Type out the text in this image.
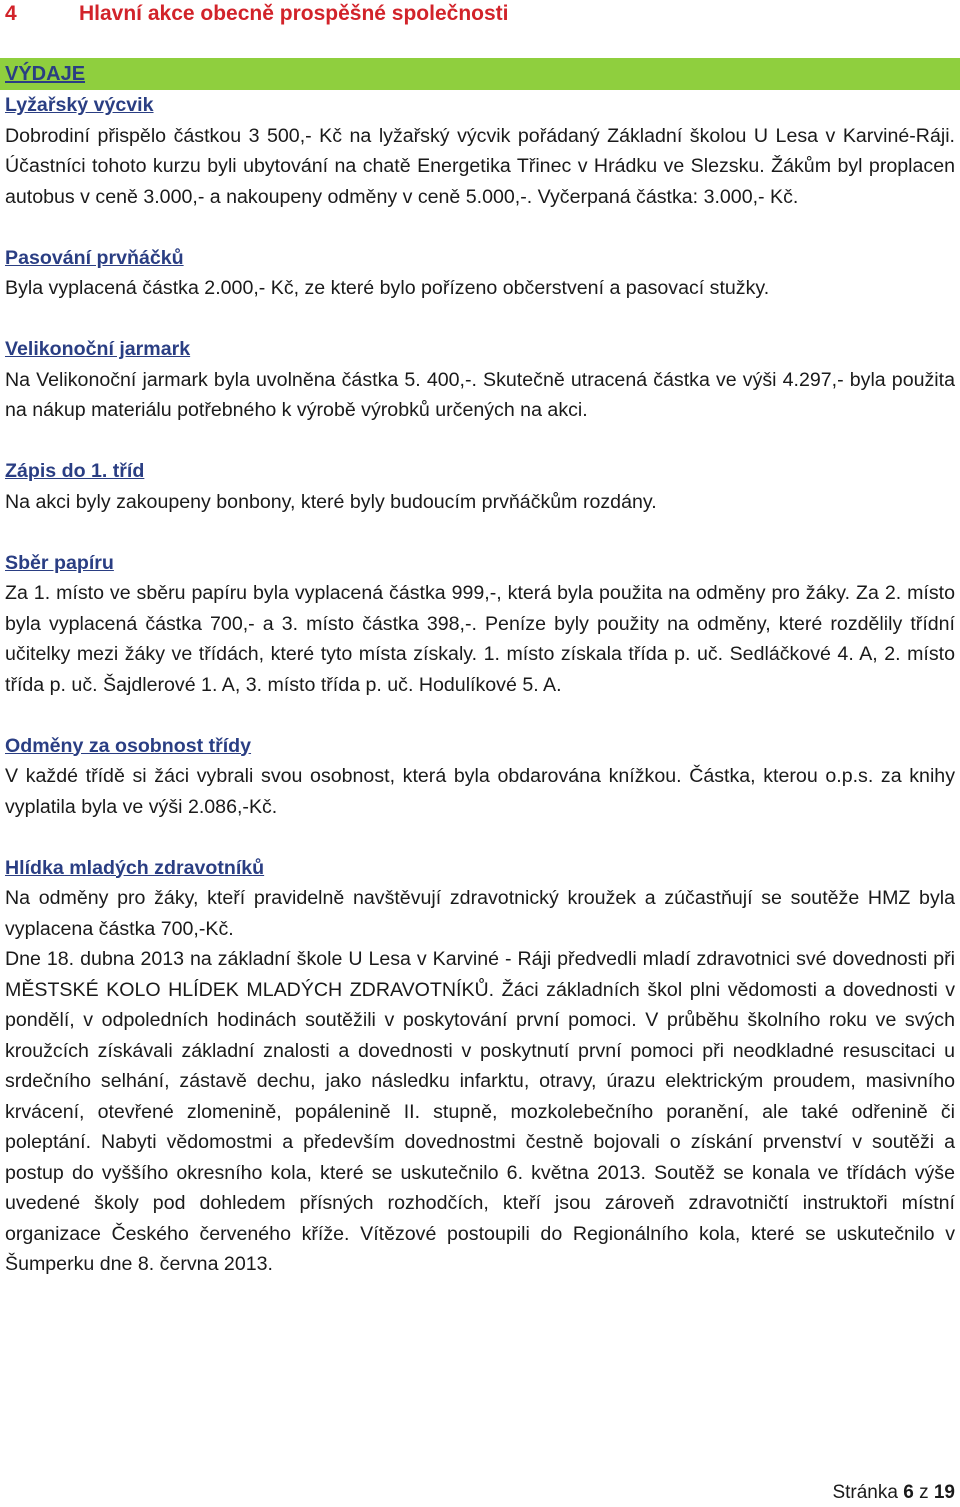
4	Hlavní akce obecně prospěšné společnosti
VÝDAJE

Lyžařský výcvik

Dobrodiní přispělo částkou 3 500,- Kč na lyžařský výcvik pořádaný Základní školou U Lesa v Karviné-Ráji. Účastníci tohoto kurzu byli ubytování na chatě Energetika Třinec v Hrádku ve Slezsku. Žákům byl proplacen autobus v ceně 3.000,- a nakoupeny odměny v ceně 5.000,-. Vyčerpaná částka: 3.000,- Kč.

Pasování prvňáčků

Byla vyplacená částka 2.000,- Kč, ze které bylo pořízeno občerstvení a pasovací stužky.

Velikonoční jarmark

Na Velikonoční jarmark byla uvolněna částka 5. 400,-. Skutečně utracená částka ve výši 4.297,- byla použita na nákup materiálu potřebného k výrobě výrobků určených na akci.

Zápis do 1. tříd

Na akci byly zakoupeny bonbony, které byly budoucím prvňáčkům rozdány.

Sběr papíru

Za 1. místo ve sběru papíru byla vyplacená částka 999,-, která byla použita na odměny pro žáky. Za 2. místo byla vyplacená částka 700,- a 3. místo částka 398,-. Peníze byly použity na odměny, které rozdělily třídní učitelky mezi žáky ve třídách, které tyto místa získaly. 1. místo získala třída p. uč. Sedláčkové 4. A, 2. místo třída p. uč. Šajdlerové 1. A, 3. místo třída p. uč. Hodulíkové 5. A.

Odměny za osobnost třídy

V každé třídě si žáci vybrali svou osobnost, která byla obdarována knížkou. Částka, kterou o.p.s. za knihy vyplatila byla ve výši 2.086,-Kč.

Hlídka mladých zdravotníků

Na odměny pro žáky, kteří pravidelně navštěvují zdravotnický kroužek a zúčastňují se soutěže HMZ byla vyplacena částka 700,-Kč.

Dne 18. dubna 2013 na základní škole U Lesa v Karviné - Ráji předvedli mladí zdravotnici své dovednosti při MĚSTSKÉ KOLO HLÍDEK MLADÝCH ZDRAVOTNÍKŮ. Žáci základních škol plni vědomosti a dovednosti v pondělí, v odpoledních hodinách soutěžili v poskytování první pomoci. V průběhu školního roku ve svých kroužcích získávali základní znalosti a dovednosti v poskytnutí první pomoci při neodkladné resuscitaci u srdečního selhání, zástavě dechu, jako následku infarktu, otravy, úrazu elektrickým proudem, masivního krvácení, otevřené zlomenině, popálenině II. stupně, mozkolebečního poranění, ale také odřenině či poleptání. Nabyti vědomostmi a především dovednostmi čestně bojovali o získání prvenství v soutěži a postup do vyššího okresního kola, které se uskutečnilo 6. května 2013. Soutěž se konala ve třídách výše uvedené školy pod dohledem přísných rozhodčích, kteří jsou zároveň zdravotničtí instruktoři místní organizace Českého červeného kříže. Vítězové postoupili do Regionálního kola, které se uskutečnilo v Šumperku dne 8. června 2013.

Stránka 6 z 19
